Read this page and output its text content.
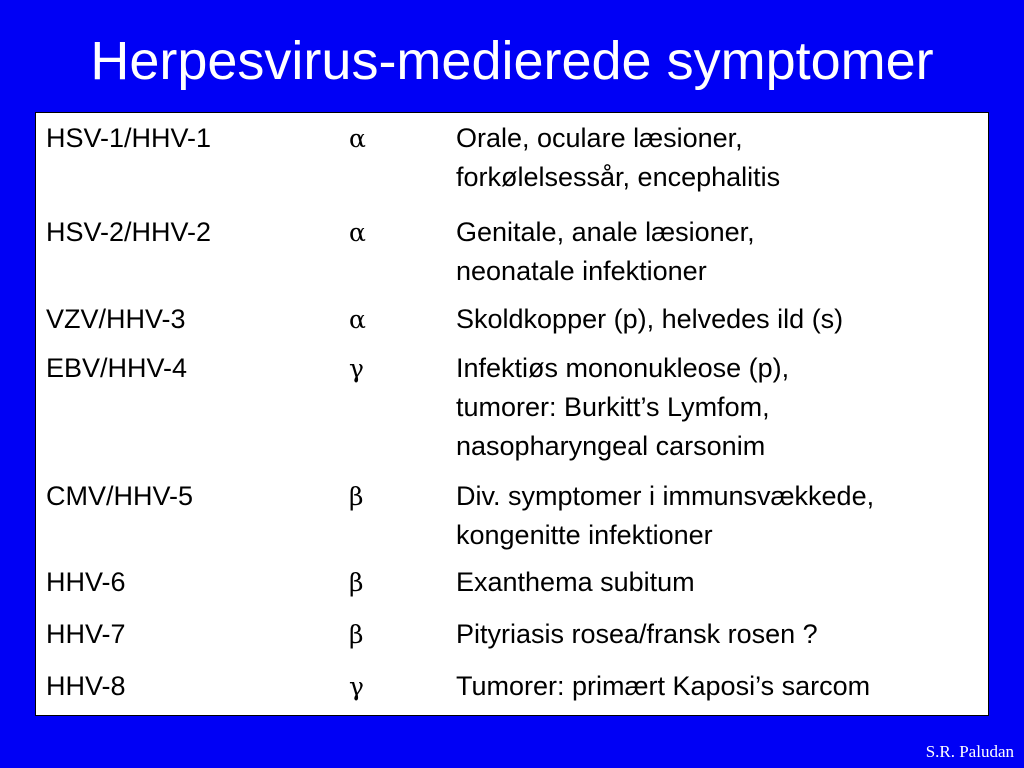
Herpesvirus-medierede symptomer
HSV-1/HHV-1	α	Orale, oculare læsioner,
forkølelsessår, encephalitis
HSV-2/HHV-2	α	Genitale, anale læsioner,
neonatale infektioner
VZV/HHV-3	α	Skoldkopper (p), helvedes ild (s)
EBV/HHV-4	γ	Infektiøs mononukleose (p),
tumorer: Burkitt’s Lymfom,
nasopharyngeal carsonim
CMV/HHV-5	β	Div. symptomer i immunsvækkede,
kongenitte infektioner
HHV-6	β	Exanthema subitum
HHV-7	β	Pityriasis rosea/fransk rosen ?
HHV-8	γ	Tumorer: primært Kaposi’s sarcom
S.R. Paludan
